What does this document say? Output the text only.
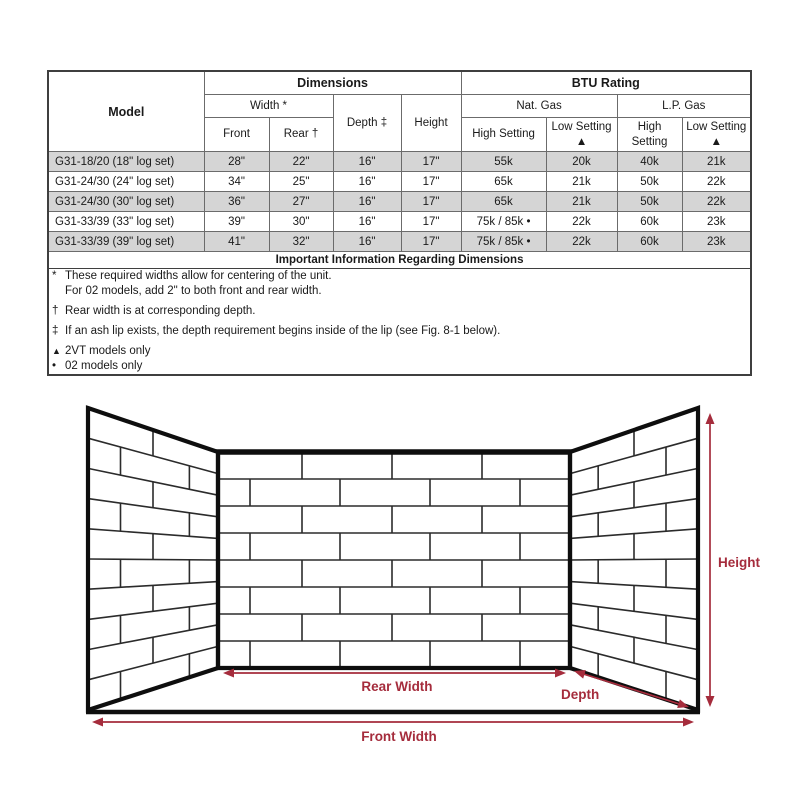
Model	Dimensions				BTU Rating			
	Width *		Depth ‡	Height	Nat. Gas		L.P. Gas	
	Front	Rear †			High Setting	Low Setting ▲	High Setting	Low Setting ▲
G31-18/20 (18" log set)	28"	22"	16"	17"	55k	20k	40k	21k
G31-24/30 (24" log set)	34"	25"	16"	17"	65k	21k	50k	22k
G31-24/30 (30" log set)	36"	27"	16"	17"	65k	21k	50k	22k
G31-33/39 (33" log set)	39"	30"	16"	17"	75k / 85k •	22k	60k	23k
G31-33/39 (39" log set)	41"	32"	16"	17"	75k / 85k •	22k	60k	23k
Important Information Regarding Dimensions								

* These required widths allow for centering of the unit.
For 02 models, add 2" to both front and rear width.
† Rear width is at corresponding depth.
‡ If an ash lip exists, the depth requirement begins inside of the lip (see Fig. 8-1 below).
▲ 2VT models only
• 02 models only
Height
Rear Width
Depth
Front Width
